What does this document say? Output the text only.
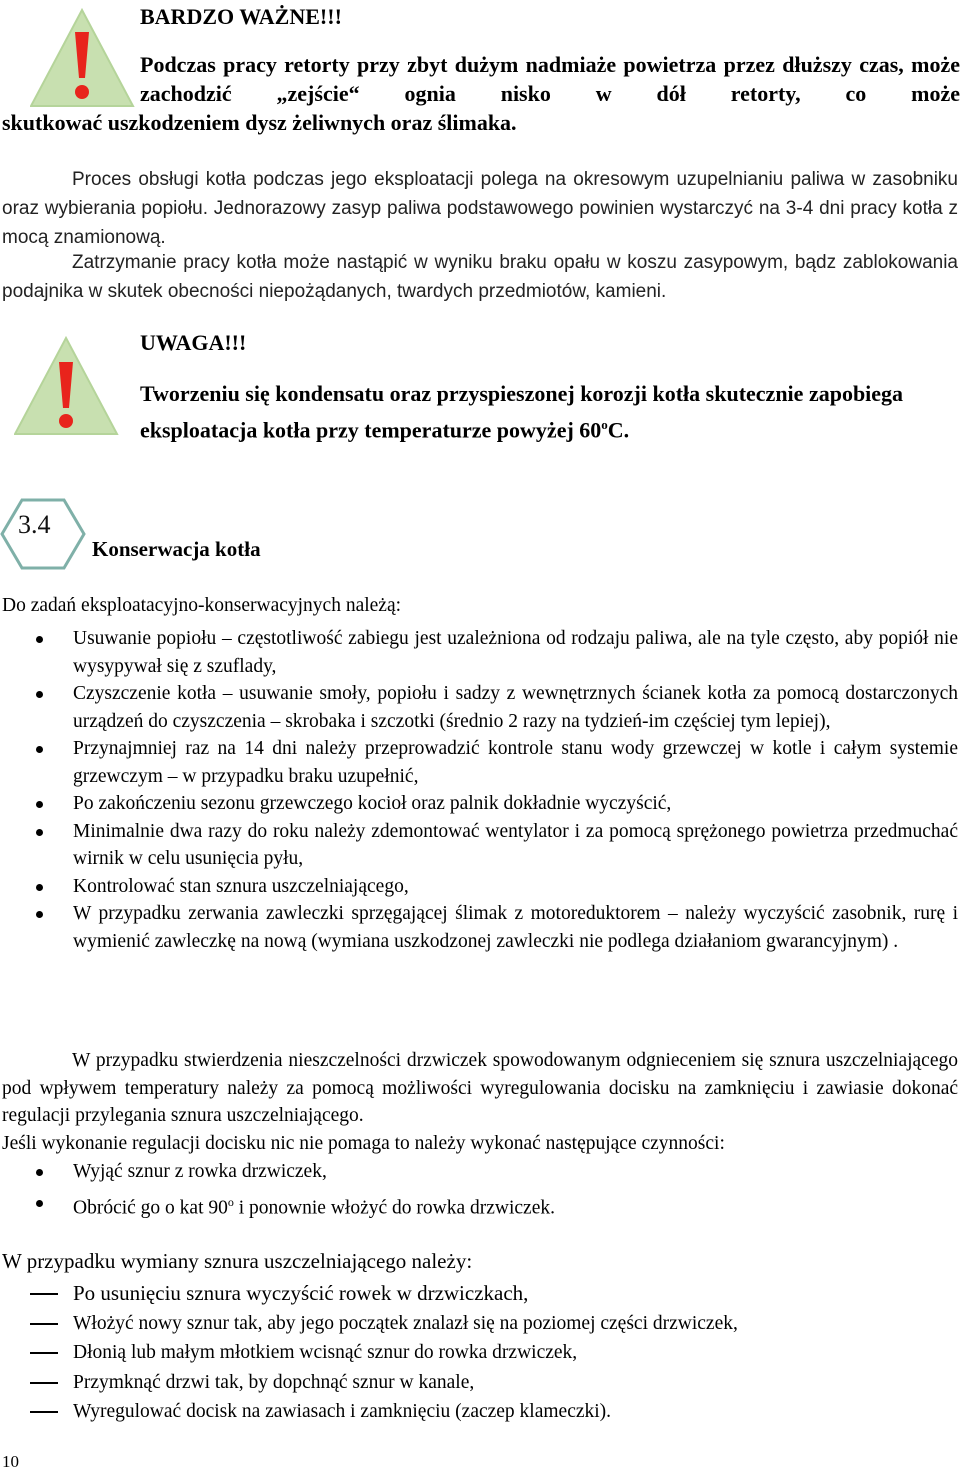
BARDZO WAŻNE!!!
Podczas pracy retorty przy zbyt dużym nadmiaże powietrza przez dłuższy czas, może zachodzić „zejście“ ognia nisko w dół retorty, co może
skutkować uszkodzeniem dysz żeliwnych oraz ślimaka.
Proces obsługi kotła podczas jego eksploatacji polega na okresowym uzupelnianiu paliwa w zasobniku oraz wybierania popiołu. Jednorazowy zasyp paliwa podstawowego powinien wystarczyć na 3-4 dni pracy kotła z mocą znamionową.
Zatrzymanie pracy kotła może nastąpić w wyniku braku opału w koszu zasypowym, bądz zablokowania podajnika w skutek obecności niepożądanych, twardych przedmiotów, kamieni.
UWAGA!!!
Tworzeniu się kondensatu oraz przyspieszonej korozji kotła skutecznie zapobiega eksploatacja kotła przy temperaturze powyżej 60$^o$C.
3.4
Konserwacja kotła
Do zadań eksploatacyjno-konserwacyjnych należą:
Usuwanie popiołu – częstotliwość zabiegu jest uzależniona od rodzaju paliwa, ale na tyle często, aby popiół nie wysypywał się z szuflady,
Czyszczenie kotła – usuwanie smoły, popiołu i sadzy z wewnętrznych ścianek kotła za pomocą dostarczonych urządzeń do czyszczenia – skrobaka i szczotki (średnio 2 razy na tydzień-im częściej tym lepiej),
Przynajmniej raz na 14 dni należy przeprowadzić kontrole stanu wody grzewczej w kotle i całym systemie grzewczym – w przypadku braku uzupełnić,
Po zakończeniu sezonu grzewczego kocioł oraz palnik dokładnie wyczyścić,
Minimalnie dwa razy do roku należy zdemontować wentylator i za pomocą sprężonego powietrza przedmuchać wirnik w celu usunięcia pyłu,
Kontrolować stan sznura uszczelniającego,
W przypadku zerwania zawleczki sprzęgającej ślimak z motoreduktorem – należy wyczyścić zasobnik, rurę i wymienić zawleczkę na nową (wymiana uszkodzonej zawleczki nie podlega działaniom gwarancyjnym) .
W przypadku stwierdzenia nieszczelności drzwiczek spowodowanym odgnieceniem się sznura uszczelniającego pod wpływem temperatury należy za pomocą możliwości wyregulowania docisku na zamknięciu i zawiasie dokonać regulacji przylegania sznura uszczelniającego.
Jeśli wykonanie regulacji docisku nic nie pomaga to należy wykonać następujące czynności:
Wyjąć sznur z rowka drzwiczek,
Obrócić go o kat 90$^o$ i ponownie włożyć do rowka drzwiczek.
W przypadku wymiany sznura uszczelniającego należy:
Po usunięciu sznura wyczyścić rowek w drzwiczkach,
Włożyć nowy sznur tak, aby jego początek znalazł się na poziomej części drzwiczek,
Dłonią lub małym młotkiem wcisnąć sznur do rowka drzwiczek,
Przymknąć drzwi tak, by dopchnąć sznur w kanale,
Wyregulować docisk na zawiasach i zamknięciu (zaczep klameczki).
10
